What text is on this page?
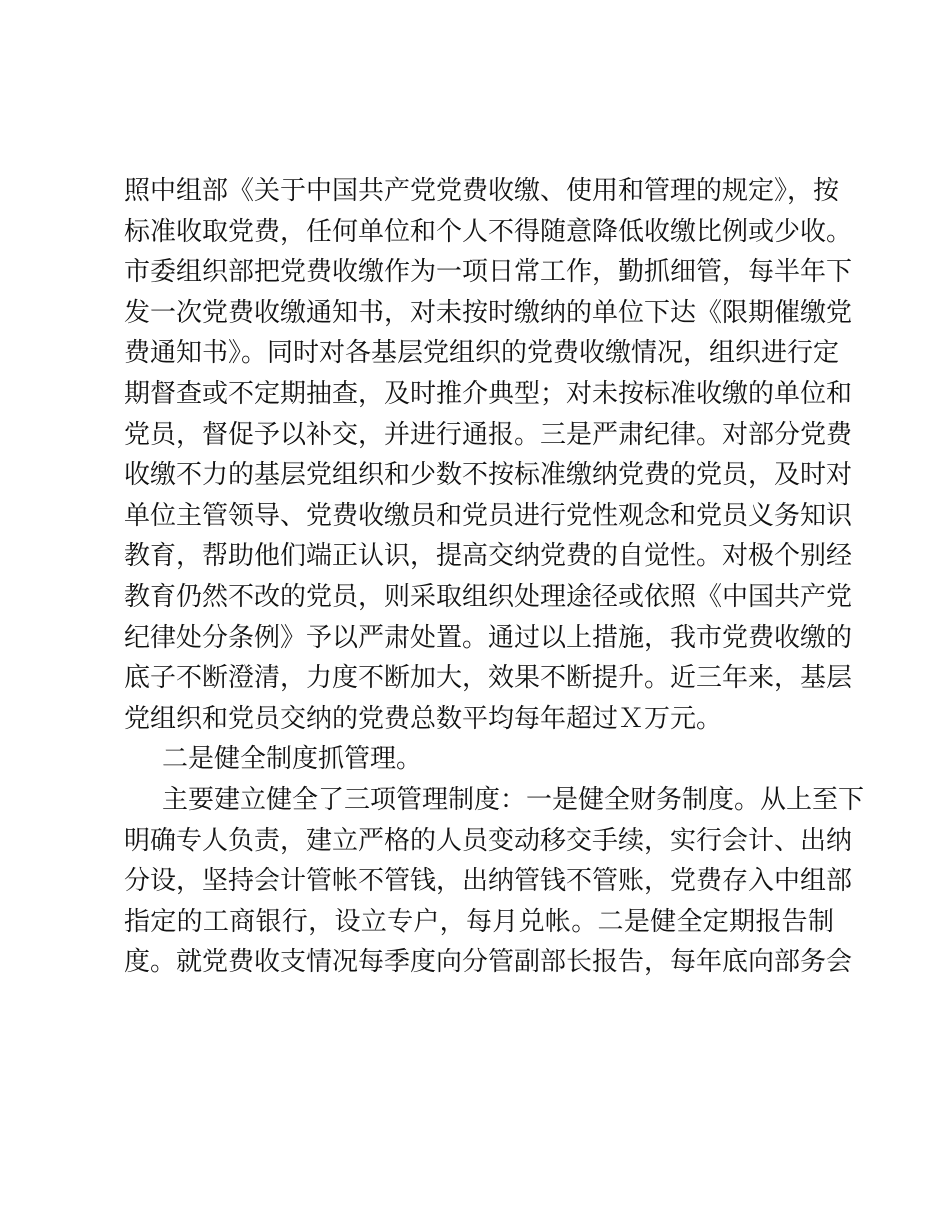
照中组部《关于中国共产党党费收缴、使用和管理的规定》，按
标准收取党费，任何单位和个人不得随意降低收缴比例或少收。
市委组织部把党费收缴作为一项日常工作，勤抓细管，每半年下
发一次党费收缴通知书，对未按时缴纳的单位下达《限期催缴党
费通知书》。同时对各基层党组织的党费收缴情况，组织进行定
期督查或不定期抽查，及时推介典型；对未按标准收缴的单位和
党员，督促予以补交，并进行通报。三是严肃纪律。对部分党费
收缴不力的基层党组织和少数不按标准缴纳党费的党员，及时对
单位主管领导、党费收缴员和党员进行党性观念和党员义务知识
教育，帮助他们端正认识，提高交纳党费的自觉性。对极个别经
教育仍然不改的党员，则采取组织处理途径或依照《中国共产党
纪律处分条例》予以严肃处置。通过以上措施，我市党费收缴的
底子不断澄清，力度不断加大，效果不断提升。近三年来，基层
党组织和党员交纳的党费总数平均每年超过Ｘ万元。
二是健全制度抓管理。
主要建立健全了三项管理制度：一是健全财务制度。从上至下
明确专人负责，建立严格的人员变动移交手续，实行会计、出纳
分设，坚持会计管帐不管钱，出纳管钱不管账，党费存入中组部
指定的工商银行，设立专户，每月兑帐。二是健全定期报告制
度。就党费收支情况每季度向分管副部长报告，每年底向部务会
